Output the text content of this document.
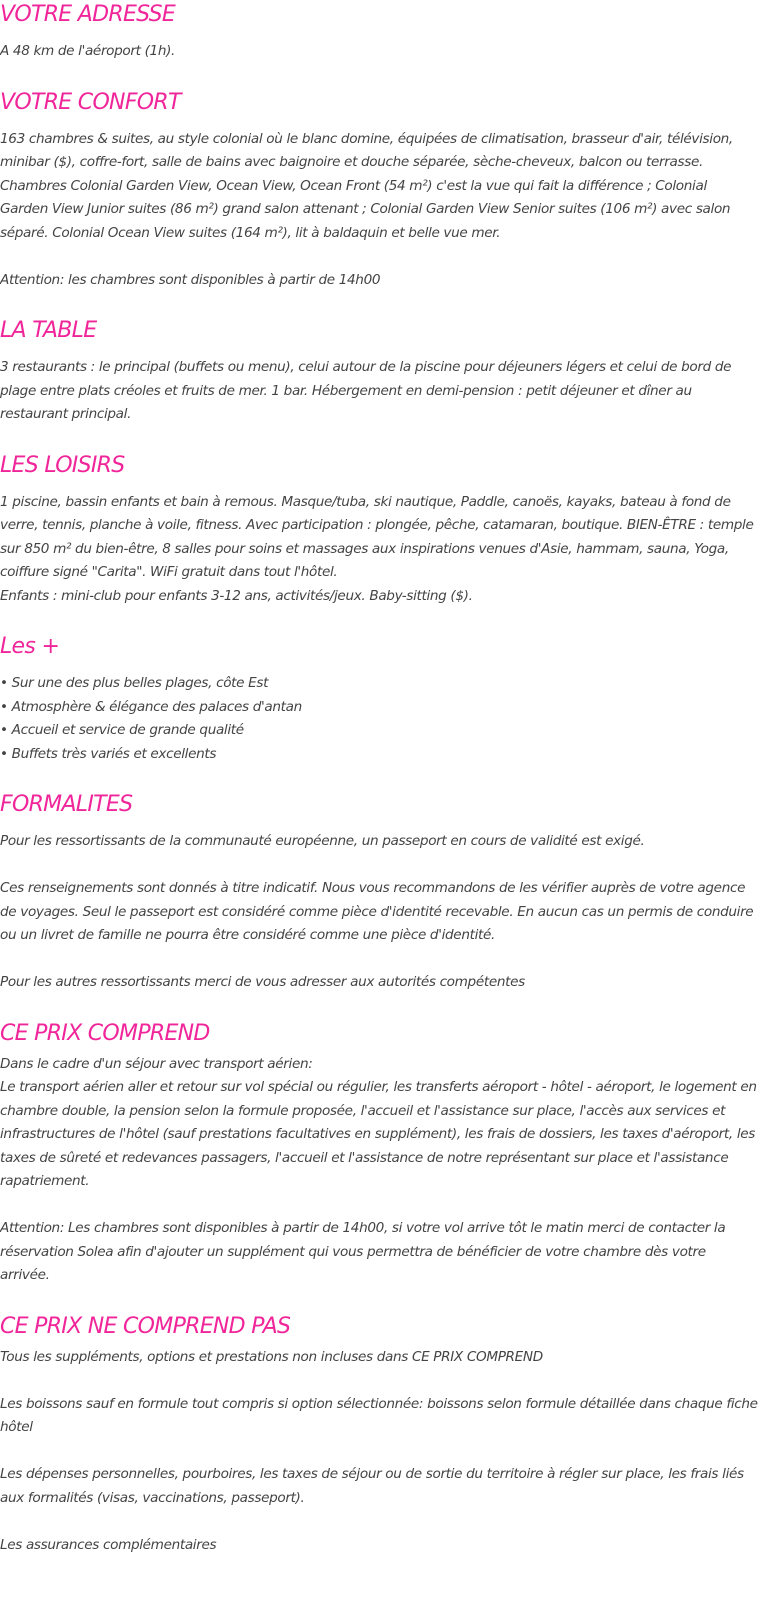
VOTRE ADRESSE

A 48 km de l'aéroport (1h).

VOTRE CONFORT

163 chambres & suites, au style colonial où le blanc domine, équipées de climatisation, brasseur d'air, télévision, minibar ($), coffre-fort, salle de bains avec baignoire et douche séparée, sèche-cheveux, balcon ou terrasse. Chambres Colonial Garden View, Ocean View, Ocean Front (54 m²) c'est la vue qui fait la différence ; Colonial Garden View Junior suites (86 m²) grand salon attenant ; Colonial Garden View Senior suites (106 m²) avec salon séparé. Colonial Ocean View suites (164 m²), lit à baldaquin et belle vue mer.

Attention: les chambres sont disponibles à partir de 14h00

LA TABLE

3 restaurants : le principal (buffets ou menu), celui autour de la piscine pour déjeuners légers et celui de bord de plage entre plats créoles et fruits de mer. 1 bar. Hébergement en demi-pension : petit déjeuner et dîner au restaurant principal.

LES LOISIRS

1 piscine, bassin enfants et bain à remous. Masque/tuba, ski nautique, Paddle, canoës, kayaks, bateau à fond de verre, tennis, planche à voile, fitness. Avec participation : plongée, pêche, catamaran, boutique. BIEN-ÊTRE : temple sur 850 m² du bien-être, 8 salles pour soins et massages aux inspirations venues d'Asie, hammam, sauna, Yoga, coiffure signé "Carita". WiFi gratuit dans tout l'hôtel.

Enfants : mini-club pour enfants 3-12 ans, activités/jeux. Baby-sitting ($).

Les +

• Sur une des plus belles plages, côte Est

• Atmosphère & élégance des palaces d'antan

• Accueil et service de grande qualité

• Buffets très variés et excellents

FORMALITES

Pour les ressortissants de la communauté européenne, un passeport en cours de validité est exigé.

Ces renseignements sont donnés à titre indicatif. Nous vous recommandons de les vérifier auprès de votre agence de voyages. Seul le passeport est considéré comme pièce d'identité recevable. En aucun cas un permis de conduire ou un livret de famille ne pourra être considéré comme une pièce d'identité.

Pour les autres ressortissants merci de vous adresser aux autorités compétentes

CE PRIX COMPREND

Dans le cadre d'un séjour avec transport aérien:

Le transport aérien aller et retour sur vol spécial ou régulier, les transferts aéroport - hôtel - aéroport, le logement en chambre double, la pension selon la formule proposée, l'accueil et l'assistance sur place, l'accès aux services et infrastructures de l'hôtel (sauf prestations facultatives en supplément), les frais de dossiers, les taxes d'aéroport, les taxes de sûreté et redevances passagers, l'accueil et l'assistance de notre représentant sur place et l'assistance rapatriement.

Attention: Les chambres sont disponibles à partir de 14h00, si votre vol arrive tôt le matin merci de contacter la réservation Solea afin d'ajouter un supplément qui vous permettra de bénéficier de votre chambre dès votre arrivée.

CE PRIX NE COMPREND PAS

Tous les suppléments, options et prestations non incluses dans CE PRIX COMPREND

Les boissons sauf en formule tout compris si option sélectionnée: boissons selon formule détaillée dans chaque fiche hôtel

Les dépenses personnelles, pourboires, les taxes de séjour ou de sortie du territoire à régler sur place, les frais liés aux formalités (visas, vaccinations, passeport).

Les assurances complémentaires
